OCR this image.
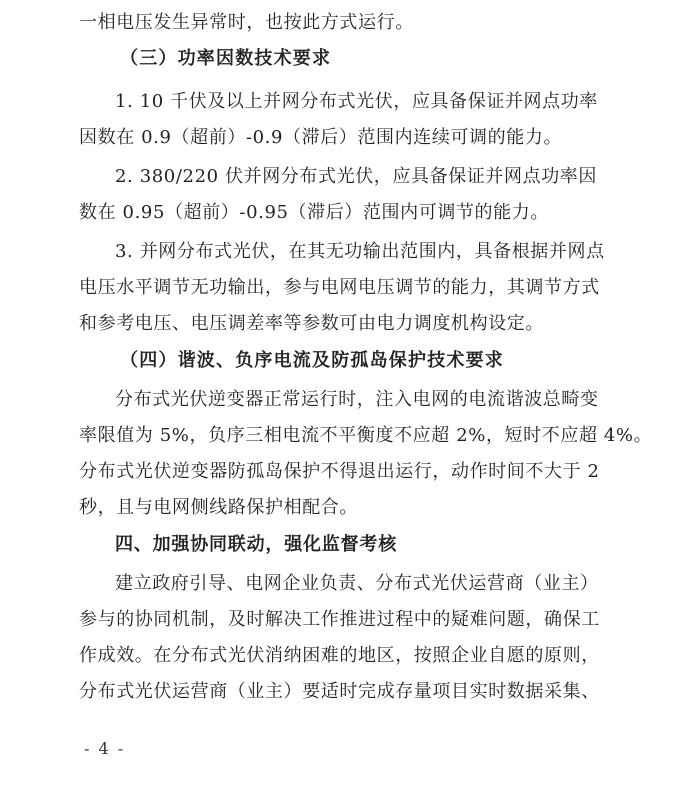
一相电压发生异常时，也按此方式运行。
（三）功率因数技术要求
1. 10 千伏及以上并网分布式光伏，应具备保证并网点功率
因数在 0.9（超前）-0.9（滞后）范围内连续可调的能力。
2. 380/220 伏并网分布式光伏，应具备保证并网点功率因
数在 0.95（超前）-0.95（滞后）范围内可调节的能力。
3. 并网分布式光伏，在其无功输出范围内，具备根据并网点
电压水平调节无功输出，参与电网电压调节的能力，其调节方式
和参考电压、电压调差率等参数可由电力调度机构设定。
（四）谐波、负序电流及防孤岛保护技术要求
分布式光伏逆变器正常运行时，注入电网的电流谐波总畸变
率限值为 5%，负序三相电流不平衡度不应超 2%，短时不应超 4%。
分布式光伏逆变器防孤岛保护不得退出运行，动作时间不大于 2
秒，且与电网侧线路保护相配合。
四、加强协同联动，强化监督考核
建立政府引导、电网企业负责、分布式光伏运营商（业主）
参与的协同机制，及时解决工作推进过程中的疑难问题，确保工
作成效。在分布式光伏消纳困难的地区，按照企业自愿的原则，
分布式光伏运营商（业主）要适时完成存量项目实时数据采集、
- 4 -
